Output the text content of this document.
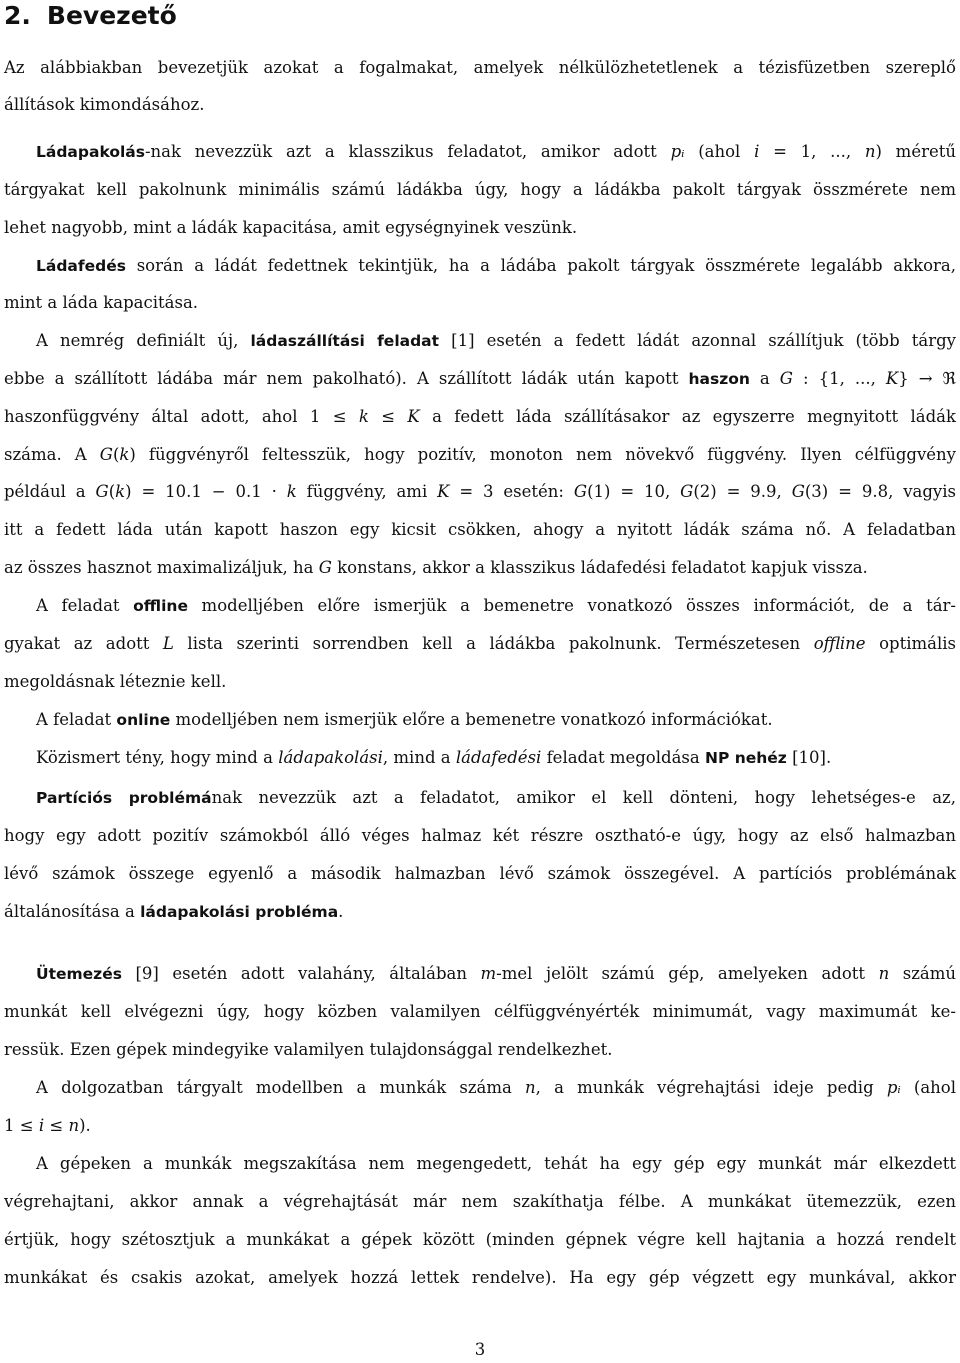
2. Bevezető
Az alábbiakban bevezetjük azokat a fogalmakat, amelyek nélkülözhetetlenek a tézisfüzetben szereplő
állítások kimondásához.
Ládapakolás-nak nevezzük azt a klasszikus feladatot, amikor adott pᵢ (ahol i = 1, ..., n) méretű
tárgyakat kell pakolnunk minimális számú ládákba úgy, hogy a ládákba pakolt tárgyak összmérete nem
lehet nagyobb, mint a ládák kapacitása, amit egységnyinek veszünk.
Ládafedés során a ládát fedettnek tekintjük, ha a ládába pakolt tárgyak összmérete legalább akkora,
mint a láda kapacitása.
A nemrég definiált új, ládaszállítási feladat [1] esetén a fedett ládát azonnal szállítjuk (több tárgy
ebbe a szállított ládába már nem pakolható). A szállított ládák után kapott haszon a G : {1, ..., K} → ℜ
haszonfüggvény által adott, ahol 1 ≤ k ≤ K a fedett láda szállításakor az egyszerre megnyitott ládák
száma. A G(k) függvényről feltesszük, hogy pozitív, monoton nem növekvő függvény. Ilyen célfüggvény
például a G(k) = 10.1 − 0.1 · k függvény, ami K = 3 esetén: G(1) = 10, G(2) = 9.9, G(3) = 9.8, vagyis
itt a fedett láda után kapott haszon egy kicsit csökken, ahogy a nyitott ládák száma nő. A feladatban
az összes hasznot maximalizáljuk, ha G konstans, akkor a klasszikus ládafedési feladatot kapjuk vissza.
A feladat offline modelljében előre ismerjük a bemenetre vonatkozó összes információt, de a tár-
gyakat az adott L lista szerinti sorrendben kell a ládákba pakolnunk. Természetesen offline optimális
megoldásnak léteznie kell.
A feladat online modelljében nem ismerjük előre a bemenetre vonatkozó információkat.
Közismert tény, hogy mind a ládapakolási, mind a ládafedési feladat megoldása NP nehéz [10].
Partíciós problémának nevezzük azt a feladatot, amikor el kell dönteni, hogy lehetséges-e az,
hogy egy adott pozitív számokból álló véges halmaz két részre osztható-e úgy, hogy az első halmazban
lévő számok összege egyenlő a második halmazban lévő számok összegével. A partíciós problémának
általánosítása a ládapakolási probléma.
Ütemezés [9] esetén adott valahány, általában m-mel jelölt számú gép, amelyeken adott n számú
munkát kell elvégezni úgy, hogy közben valamilyen célfüggvényérték minimumát, vagy maximumát ke-
ressük. Ezen gépek mindegyike valamilyen tulajdonsággal rendelkezhet.
A dolgozatban tárgyalt modellben a munkák száma n, a munkák végrehajtási ideje pedig pᵢ (ahol
1 ≤ i ≤ n).
A gépeken a munkák megszakítása nem megengedett, tehát ha egy gép egy munkát már elkezdett
végrehajtani, akkor annak a végrehajtását már nem szakíthatja félbe. A munkákat ütemezzük, ezen
értjük, hogy szétosztjuk a munkákat a gépek között (minden gépnek végre kell hajtania a hozzá rendelt
munkákat és csakis azokat, amelyek hozzá lettek rendelve). Ha egy gép végzett egy munkával, akkor
3
